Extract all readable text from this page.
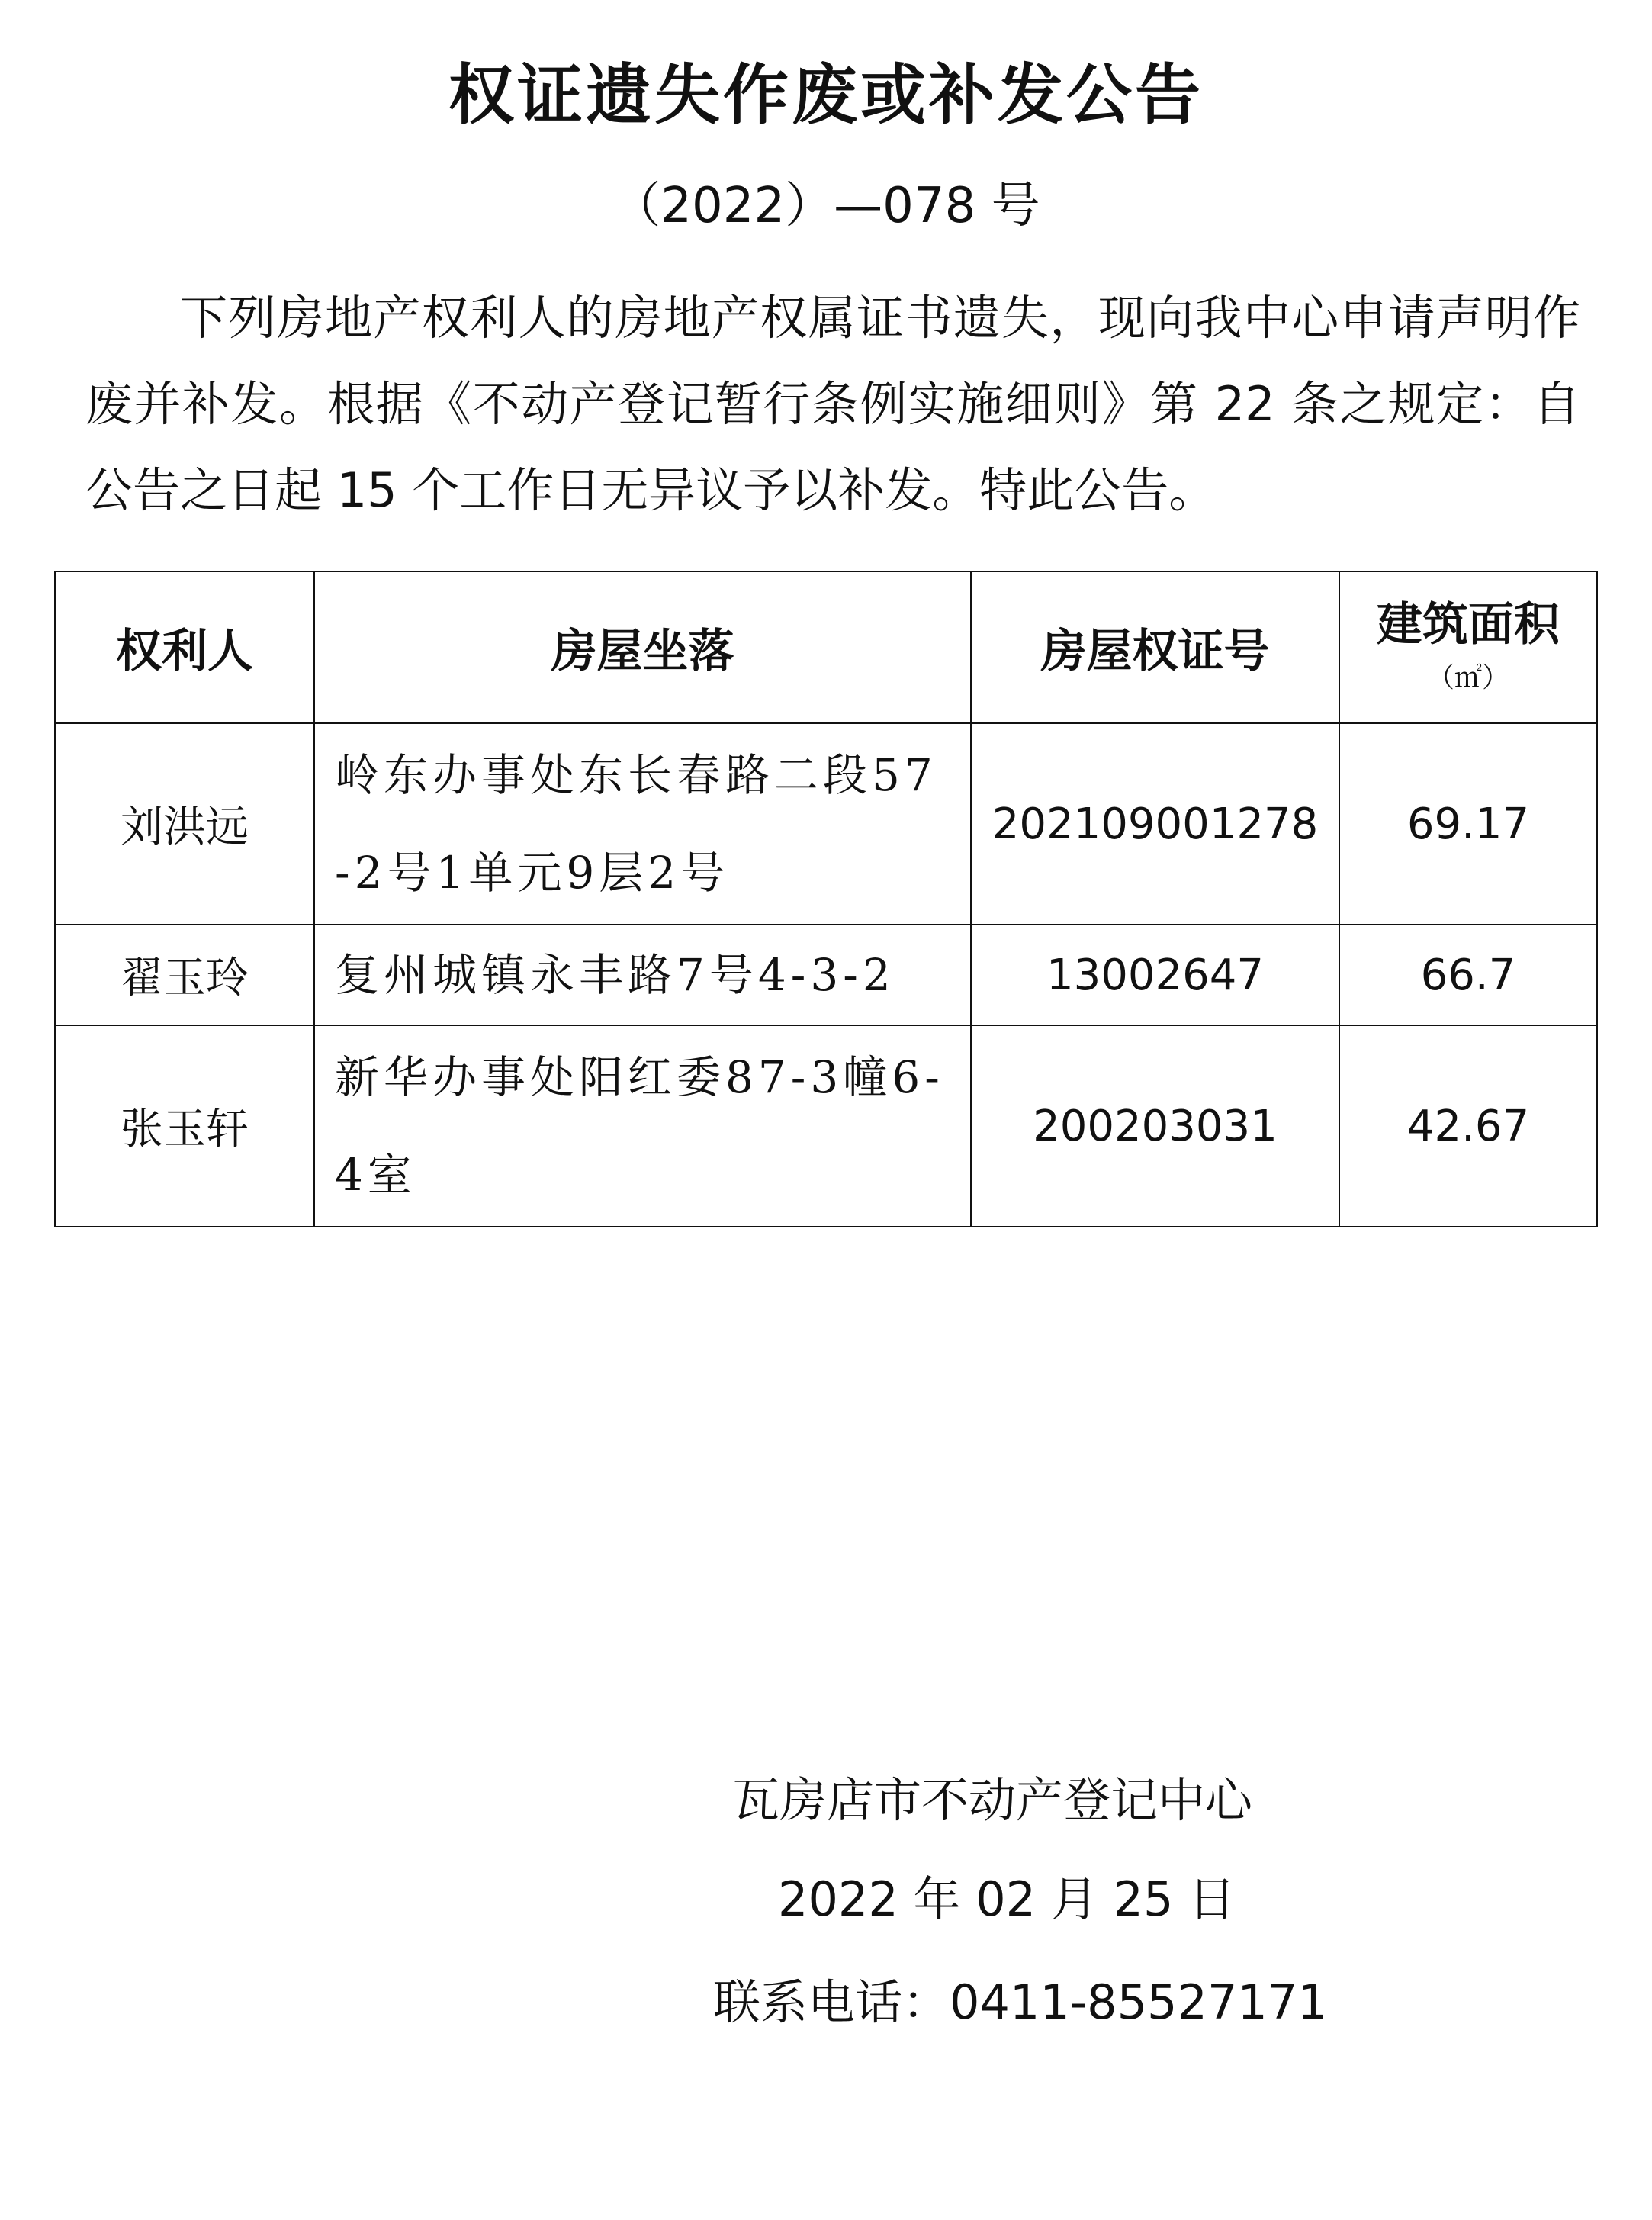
权证遗失作废或补发公告
（2022）—078 号

下列房地产权利人的房地产权属证书遗失，现向我中心申请声明作废并补发。根据《不动产登记暂行条例实施细则》第 22 条之规定：自公告之日起 15 个工作日无异议予以补发。特此公告。

权利人	房屋坐落	房屋权证号	建筑面积
（㎡）

刘洪远	岭东办事处东长春路二段57-2号1单元9层2号	202109001278	69.17
翟玉玲	复州城镇永丰路7号4-3-2	13002647	66.7
张玉轩	新华办事处阳红委87-3幢6-4室	200203031	42.67
瓦房店市不动产登记中心
2022 年 02 月 25 日
联系电话：0411-85527171
